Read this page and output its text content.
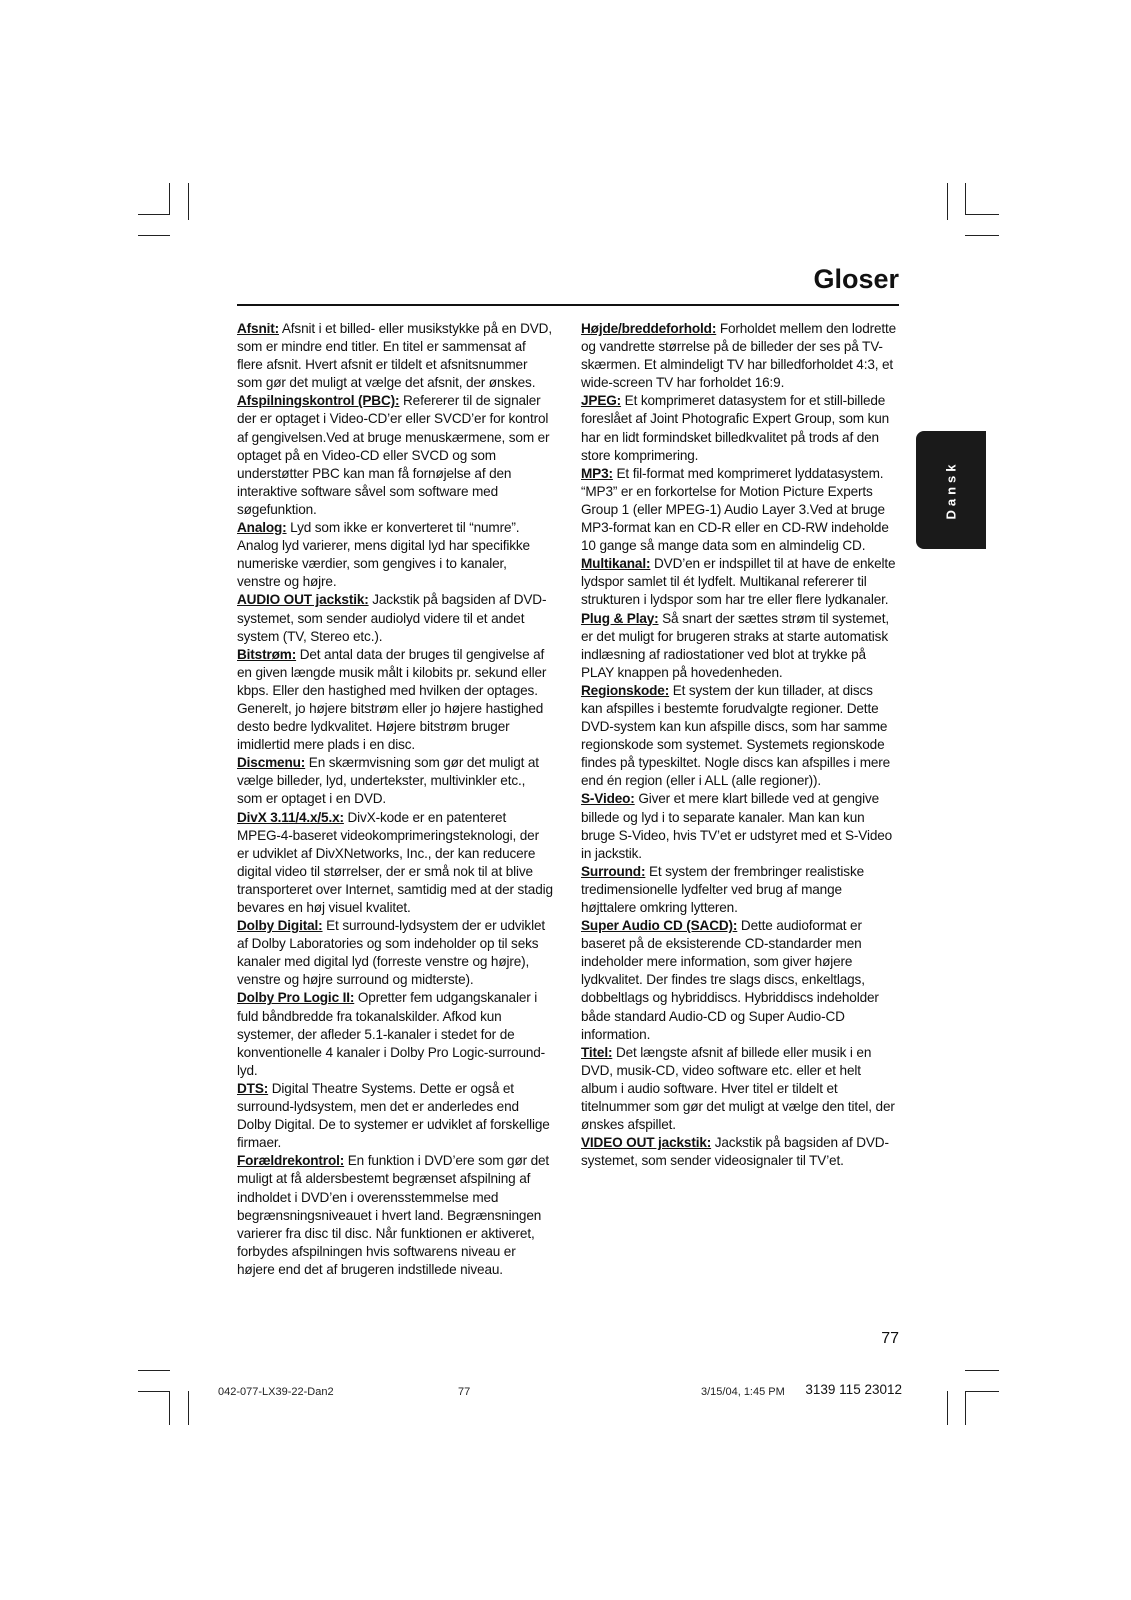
Gloser
Dansk

Afsnit: Afsnit i et billed- eller musikstykke på en DVD, som er mindre end titler. En titel er sammensat af flere afsnit. Hvert afsnit er tildelt et afsnitsnummer som gør det muligt at vælge det afsnit, der ønskes.

Afspilningskontrol (PBC): Refererer til de signaler der er optaget i Video-CD’er eller SVCD’er for kontrol af gengivelsen.Ved at bruge menuskærmene, som er optaget på en Video-CD eller SVCD og som understøtter PBC kan man få fornøjelse af den interaktive software såvel som software med søgefunktion.

Analog: Lyd som ikke er konverteret til “numre”. Analog lyd varierer, mens digital lyd har specifikke numeriske værdier, som gengives i to kanaler, venstre og højre.

AUDIO OUT jackstik: Jackstik på bagsiden af DVD-systemet, som sender audiolyd videre til et andet system (TV, Stereo etc.).

Bitstrøm: Det antal data der bruges til gengivelse af en given længde musik målt i kilobits pr. sekund eller kbps. Eller den hastighed med hvilken der optages. Generelt, jo højere bitstrøm eller jo højere hastighed desto bedre lydkvalitet. Højere bitstrøm bruger imidlertid mere plads i en disc.

Discmenu: En skærmvisning som gør det muligt at vælge billeder, lyd, undertekster, multivinkler etc., som er optaget i en DVD.

DivX 3.11/4.x/5.x: DivX-kode er en patenteret MPEG-4-baseret videokomprimeringsteknologi, der er udviklet af DivXNetworks, Inc., der kan reducere digital video til størrelser, der er små nok til at blive transporteret over Internet, samtidig med at der stadig bevares en høj visuel kvalitet.

Dolby Digital: Et surround-lydsystem der er udviklet af Dolby Laboratories og som indeholder op til seks kanaler med digital lyd (forreste venstre og højre), venstre og højre surround og midterste).

Dolby Pro Logic II: Opretter fem udgangskanaler i fuld båndbredde fra tokanalskilder. Afkod kun systemer, der afleder 5.1-kanaler i stedet for de konventionelle 4 kanaler i Dolby Pro Logic-surround-lyd.

DTS: Digital Theatre Systems. Dette er også et surround-lydsystem, men det er anderledes end Dolby Digital. De to systemer er udviklet af forskellige firmaer.

Forældrekontrol: En funktion i DVD’ere som gør det muligt at få aldersbestemt begrænset afspilning af indholdet i DVD’en i overensstemmelse med begrænsningsniveauet i hvert land. Begrænsningen varierer fra disc til disc. Når funktionen er aktiveret, forbydes afspilningen hvis softwarens niveau er højere end det af brugeren indstillede niveau.

Højde/breddeforhold: Forholdet mellem den lodrette og vandrette størrelse på de billeder der ses på TV-skærmen. Et almindeligt TV har billedforholdet 4:3, et wide-screen TV har forholdet 16:9.

JPEG: Et komprimeret datasystem for et still-billede foreslået af Joint Photografic Expert Group, som kun har en lidt formindsket billedkvalitet på trods af den store komprimering.

MP3: Et fil-format med komprimeret lyddatasystem. “MP3” er en forkortelse for Motion Picture Experts Group 1 (eller MPEG-1) Audio Layer 3.Ved at bruge MP3-format kan en CD-R eller en CD-RW indeholde 10 gange så mange data som en almindelig CD.

Multikanal: DVD’en er indspillet til at have de enkelte lydspor samlet til ét lydfelt. Multikanal refererer til strukturen i lydspor som har tre eller flere lydkanaler.

Plug & Play: Så snart der sættes strøm til systemet, er det muligt for brugeren straks at starte automatisk indlæsning af radiostationer ved blot at trykke på PLAY knappen på hovedenheden.

Regionskode: Et system der kun tillader, at discs kan afspilles i bestemte forudvalgte regioner. Dette DVD-system kan kun afspille discs, som har samme regionskode som systemet. Systemets regionskode findes på typeskiltet. Nogle discs kan afspilles i mere end én region (eller i ALL (alle regioner)).

S-Video: Giver et mere klart billede ved at gengive billede og lyd i to separate kanaler. Man kan kun bruge S-Video, hvis TV’et er udstyret med et S-Video in jackstik.

Surround: Et system der frembringer realistiske tredimensionelle lydfelter ved brug af mange højttalere omkring lytteren.

Super Audio CD (SACD): Dette audioformat er baseret på de eksisterende CD-standarder men indeholder mere information, som giver højere lydkvalitet. Der findes tre slags discs, enkeltlags, dobbeltlags og hybriddiscs. Hybriddiscs indeholder både standard Audio-CD og Super Audio-CD information.

Titel: Det længste afsnit af billede eller musik i en DVD, musik-CD, video software etc. eller et helt album i audio software. Hver titel er tildelt et titelnummer som gør det muligt at vælge den titel, der ønskes afspillet.

VIDEO OUT jackstik: Jackstik på bagsiden af DVD-systemet, som sender videosignaler til TV’et.

77
042-077-LX39-22-Dan2	77	3/15/04, 1:45 PM 3139 115 23012
